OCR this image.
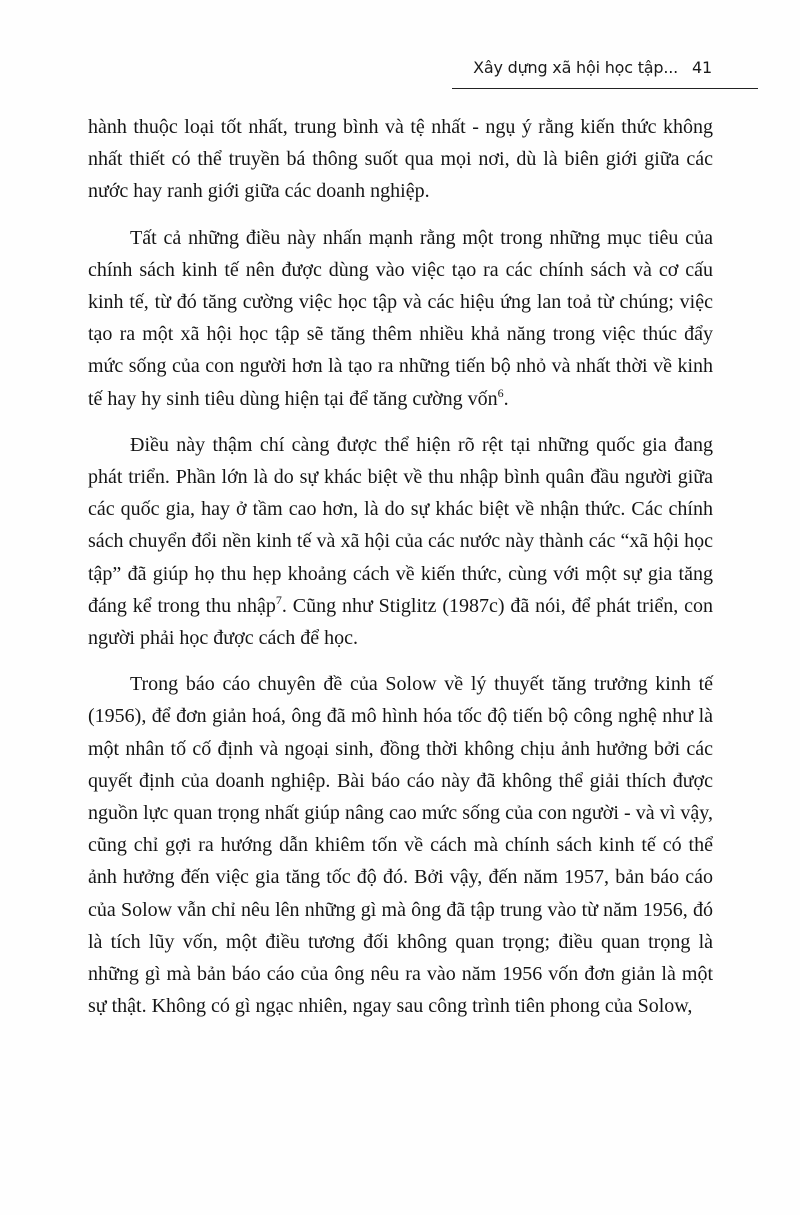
Xây dựng xã hội học tập... 41

hành thuộc loại tốt nhất, trung bình và tệ nhất - ngụ ý rằng kiến thức không nhất thiết có thể truyền bá thông suốt qua mọi nơi, dù là biên giới giữa các nước hay ranh giới giữa các doanh nghiệp.

Tất cả những điều này nhấn mạnh rằng một trong những mục tiêu của chính sách kinh tế nên được dùng vào việc tạo ra các chính sách và cơ cấu kinh tế, từ đó tăng cường việc học tập và các hiệu ứng lan toả từ chúng; việc tạo ra một xã hội học tập sẽ tăng thêm nhiều khả năng trong việc thúc đẩy mức sống của con người hơn là tạo ra những tiến bộ nhỏ và nhất thời về kinh tế hay hy sinh tiêu dùng hiện tại để tăng cường vốn$^6$.

Điều này thậm chí càng được thể hiện rõ rệt tại những quốc gia đang phát triển. Phần lớn là do sự khác biệt về thu nhập bình quân đầu người giữa các quốc gia, hay ở tầm cao hơn, là do sự khác biệt về nhận thức. Các chính sách chuyển đổi nền kinh tế và xã hội của các nước này thành các “xã hội học tập” đã giúp họ thu hẹp khoảng cách về kiến thức, cùng với một sự gia tăng đáng kể trong thu nhập$^7$. Cũng như Stiglitz (1987c) đã nói, để phát triển, con người phải học được cách để học.

Trong báo cáo chuyên đề của Solow về lý thuyết tăng trưởng kinh tế (1956), để đơn giản hoá, ông đã mô hình hóa tốc độ tiến bộ công nghệ như là một nhân tố cố định và ngoại sinh, đồng thời không chịu ảnh hưởng bởi các quyết định của doanh nghiệp. Bài báo cáo này đã không thể giải thích được nguồn lực quan trọng nhất giúp nâng cao mức sống của con người - và vì vậy, cũng chỉ gợi ra hướng dẫn khiêm tốn về cách mà chính sách kinh tế có thể ảnh hưởng đến việc gia tăng tốc độ đó. Bởi vậy, đến năm 1957, bản báo cáo của Solow vẫn chỉ nêu lên những gì mà ông đã tập trung vào từ năm 1956, đó là tích lũy vốn, một điều tương đối không quan trọng; điều quan trọng là những gì mà bản báo cáo của ông nêu ra vào năm 1956 vốn đơn giản là một sự thật. Không có gì ngạc nhiên, ngay sau công trình tiên phong của Solow,
